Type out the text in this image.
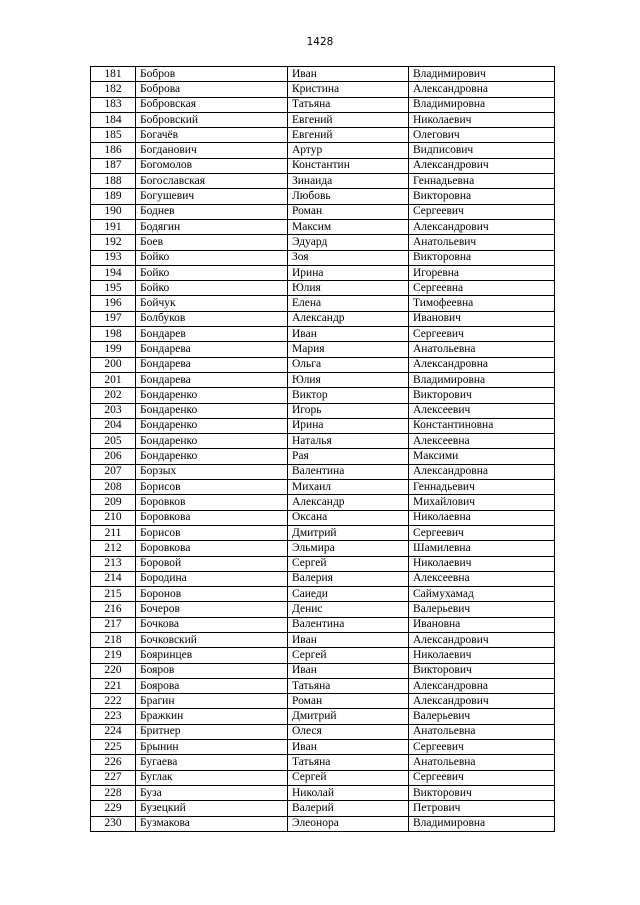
1428
181	Бобров	Иван	Владимирович
182	Боброва	Кристина	Александровна
183	Бобровская	Татьяна	Владимировна
184	Бобровский	Евгений	Николаевич
185	Богачёв	Евгений	Олегович
186	Богданович	Артур	Видписович
187	Богомолов	Константин	Александрович
188	Богославская	Зинаида	Геннадьевна
189	Богушевич	Любовь	Викторовна
190	Боднев	Роман	Сергеевич
191	Бодягин	Максим	Александрович
192	Боев	Эдуард	Анатольевич
193	Бойко	Зоя	Викторовна
194	Бойко	Ирина	Игоревна
195	Бойко	Юлия	Сергеевна
196	Бойчук	Елена	Тимофеевна
197	Болбуков	Александр	Иванович
198	Бондарев	Иван	Сергеевич
199	Бондарева	Мария	Анатольевна
200	Бондарева	Ольга	Александровна
201	Бондарева	Юлия	Владимировна
202	Бондаренко	Виктор	Викторович
203	Бондаренко	Игорь	Алексеевич
204	Бондаренко	Ирина	Константиновна
205	Бондаренко	Наталья	Алексеевна
206	Бондаренко	Рая	Максими
207	Борзых	Валентина	Александровна
208	Борисов	Михаил	Геннадьевич
209	Боровков	Александр	Михайлович
210	Боровкова	Оксана	Николаевна
211	Борисов	Дмитрий	Сергеевич
212	Боровкова	Эльмира	Шамилевна
213	Боровой	Сергей	Николаевич
214	Бородина	Валерия	Алексеевна
215	Боронов	Саиеди	Саймухамад
216	Бочеров	Денис	Валерьевич
217	Бочкова	Валентина	Ивановна
218	Бочковский	Иван	Александрович
219	Бояринцев	Сергей	Николаевич
220	Бояров	Иван	Викторович
221	Боярова	Татьяна	Александровна
222	Брагин	Роман	Александрович
223	Бражкин	Дмитрий	Валерьевич
224	Бритнер	Олеся	Анатольевна
225	Брынин	Иван	Сергеевич
226	Бугаева	Татьяна	Анатольевна
227	Буглак	Сергей	Сергеевич
228	Буза	Николай	Викторович
229	Бузецкий	Валерий	Петрович
230	Бузмакова	Элеонора	Владимировна
